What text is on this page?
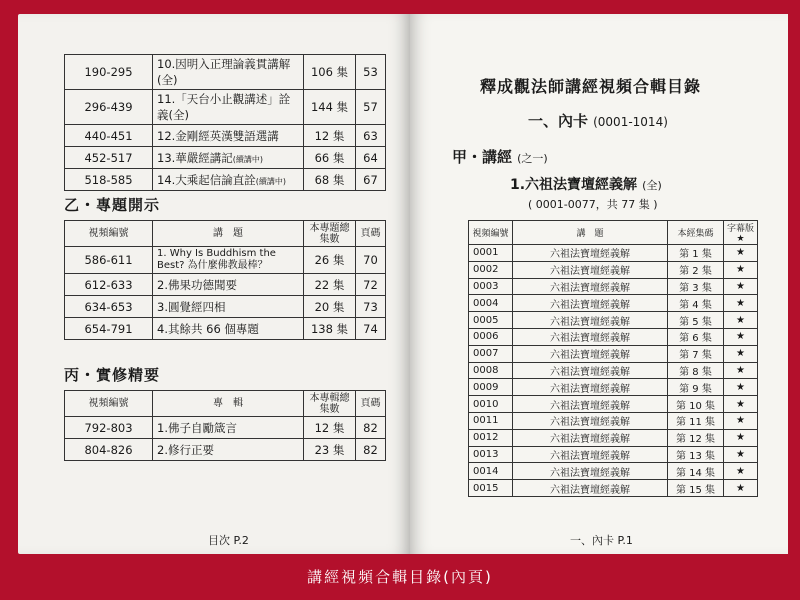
190-295	10.因明入正理論義貫講解(全)	106 集	53
296-439	11.「天台小止觀講述」詮義(全)	144 集	57
440-451	12.金剛經英漢雙語選講	12 集	63
452-517	13.華嚴經講記(續講中)	66 集	64
518-585	14.大乘起信論直詮(續講中)	68 集	67
乙・專題開示
視頻編號	講　題	本專題總集數	頁碼
586-611	1. Why Is Buddhism the Best? 為什麼佛教最棒？	26 集	70
612-633	2.佛果功德聞要	22 集	72
634-653	3.圓覺經四相	20 集	73
654-791	4.其餘共 66 個專題	138 集	74
丙・實修精要
視頻編號	專　輯	本專輯總集數	頁碼
792-803	1.佛子自勵箴言	12 集	82
804-826	2.修行正要	23 集	82
目次 P.2
釋成觀法師講經視頻合輯目錄
一、內卡 (0001-1014)
甲・講經 (之一)
1.六祖法寶壇經義解 (全)
( 0001-0077，共 77 集 )
視頻編號	講　題	本經集碼	字幕版★
0001	六祖法寶壇經義解	第 1 集	★
0002	六祖法寶壇經義解	第 2 集	★
0003	六祖法寶壇經義解	第 3 集	★
0004	六祖法寶壇經義解	第 4 集	★
0005	六祖法寶壇經義解	第 5 集	★
0006	六祖法寶壇經義解	第 6 集	★
0007	六祖法寶壇經義解	第 7 集	★
0008	六祖法寶壇經義解	第 8 集	★
0009	六祖法寶壇經義解	第 9 集	★
0010	六祖法寶壇經義解	第 10 集	★
0011	六祖法寶壇經義解	第 11 集	★
0012	六祖法寶壇經義解	第 12 集	★
0013	六祖法寶壇經義解	第 13 集	★
0014	六祖法寶壇經義解	第 14 集	★
0015	六祖法寶壇經義解	第 15 集	★
一、內卡 P.1
講經視頻合輯目錄(內頁)
